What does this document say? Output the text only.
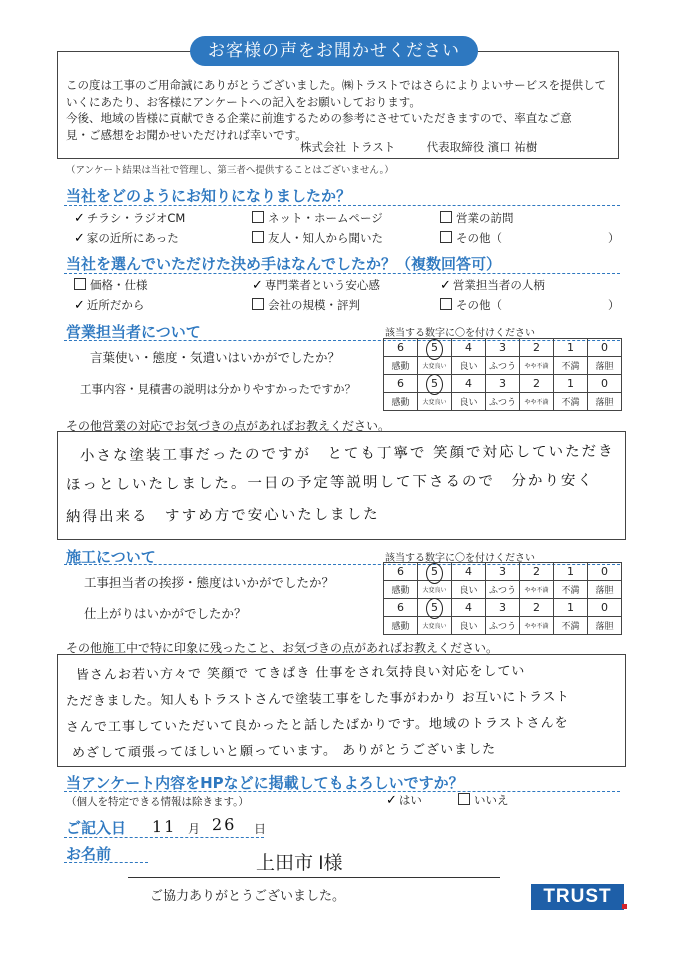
お客様の声をお聞かせください
この度は工事のご用命誠にありがとうございました。㈱トラストではさらによりよいサービスを提供して
いくにあたり、お客様にアンケートへの記入をお願いしております。
今後、地域の皆様に貢献できる企業に前進するための参考にさせていただきますので、率直なご意
見・ご感想をお聞かせいただければ幸いです。
株式会社 トラスト	代表取締役 濱口 祐樹
（アンケート結果は当社で管理し、第三者へ提供することはございません。）
当社をどのようにお知りになりましたか？
✓ チラシ・ラジオCM	ネット・ホームページ	営業の訪問
✓ 家の近所にあった	友人・知人から聞いた	その他（	）
当社を選んでいただけた決め手はなんでしたか？（複数回答可）
価格・仕様	✓ 専門業者という安心感	✓ 営業担当者の人柄
✓ 近所だから	会社の規模・評判	その他（	）
営業担当者について	該当する数字に〇を付けください
言葉使い・態度・気遣いはいかがでしたか？
工事内容・見積書の説明は分かりやすかったですか？
6	5	4	3	2	1	0
感動	大変良い	良い	ふつう	やや不満	不満	落胆
6	5	4	3	2	1	0
感動	大変良い	良い	ふつう	やや不満	不満	落胆
その他営業の対応でお気づきの点があればお教えください。
小さな塗装工事だったのですが　とても丁寧で 笑顔で対応していただき
ほっとしいたしました。一日の予定等説明して下さるので　分かり安く
納得出来る　すすめ方で安心いたしました
施工について	該当する数字に〇を付けください
工事担当者の挨拶・態度はいかがでしたか？
仕上がりはいかがでしたか？
6	5	4	3	2	1	0
感動	大変良い	良い	ふつう	やや不満	不満	落胆
6	5	4	3	2	1	0
感動	大変良い	良い	ふつう	やや不満	不満	落胆
その他施工中で特に印象に残ったこと、お気づきの点があればお教えください。
皆さんお若い方々で 笑顔で てきぱき 仕事をされ気持良い対応をしてい
ただきました。知人もトラストさんで塗装工事をした事がわかり お互いにトラスト
さんで工事していただいて良かったと話したばかりです。地域のトラストさんを
めざして頑張ってほしいと願っています。 ありがとうございました
当アンケート内容をHPなどに掲載してもよろしいですか？
（個人を特定できる情報は除きます。）	✓ はい	いいえ
ご記入日 11 月 26 日
お名前	上田市 I様
ご協力ありがとうございました。	TRUST
